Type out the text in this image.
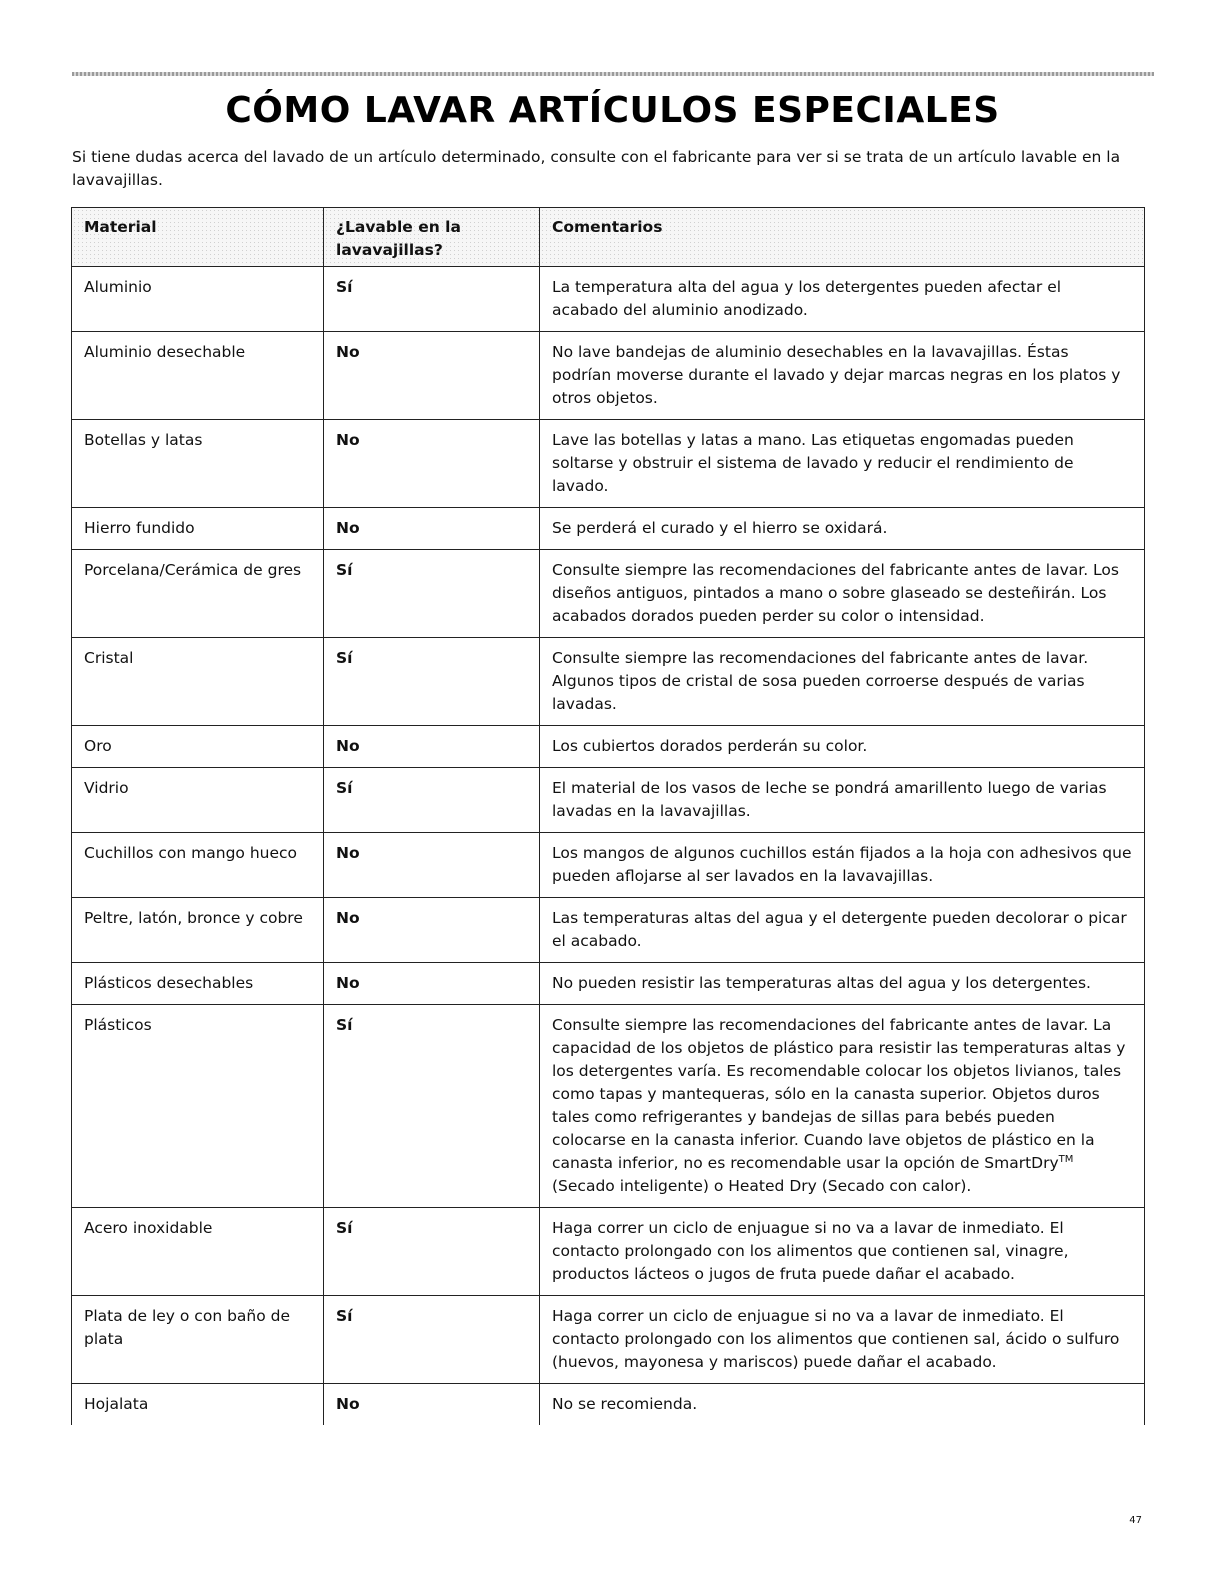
CÓMO LAVAR ARTÍCULOS ESPECIALES

Si tiene dudas acerca del lavado de un artículo determinado, consulte con el fabricante para ver si se trata de un artículo lavable en la lavavajillas.

Material	¿Lavable en la lavavajillas?	Comentarios
Aluminio	Sí	La temperatura alta del agua y los detergentes pueden afectar el acabado del aluminio anodizado.
Aluminio desechable	No	No lave bandejas de aluminio desechables en la lavavajillas. Éstas podrían moverse durante el lavado y dejar marcas negras en los platos y otros objetos.
Botellas y latas	No	Lave las botellas y latas a mano. Las etiquetas engomadas pueden soltarse y obstruir el sistema de lavado y reducir el rendimiento de lavado.
Hierro fundido	No	Se perderá el curado y el hierro se oxidará.
Porcelana/Cerámica de gres	Sí	Consulte siempre las recomendaciones del fabricante antes de lavar. Los diseños antiguos, pintados a mano o sobre glaseado se desteñirán. Los acabados dorados pueden perder su color o intensidad.
Cristal	Sí	Consulte siempre las recomendaciones del fabricante antes de lavar. Algunos tipos de cristal de sosa pueden corroerse después de varias lavadas.
Oro	No	Los cubiertos dorados perderán su color.
Vidrio	Sí	El material de los vasos de leche se pondrá amarillento luego de varias lavadas en la lavavajillas.
Cuchillos con mango hueco	No	Los mangos de algunos cuchillos están fijados a la hoja con adhesivos que pueden aflojarse al ser lavados en la lavavajillas.
Peltre, latón, bronce y cobre	No	Las temperaturas altas del agua y el detergente pueden decolorar o picar el acabado.
Plásticos desechables	No	No pueden resistir las temperaturas altas del agua y los detergentes.
Plásticos	Sí	Consulte siempre las recomendaciones del fabricante antes de lavar. La capacidad de los objetos de plástico para resistir las temperaturas altas y los detergentes varía. Es recomendable colocar los objetos livianos, tales como tapas y mantequeras, sólo en la canasta superior. Objetos duros tales como refrigerantes y bandejas de sillas para bebés pueden colocarse en la canasta inferior. Cuando lave objetos de plástico en la canasta inferior, no es recomendable usar la opción de SmartDry™ (Secado inteligente) o Heated Dry (Secado con calor).
Acero inoxidable	Sí	Haga correr un ciclo de enjuague si no va a lavar de inmediato. El contacto prolongado con los alimentos que contienen sal, vinagre, productos lácteos o jugos de fruta puede dañar el acabado.
Plata de ley o con baño de plata	Sí	Haga correr un ciclo de enjuague si no va a lavar de inmediato. El contacto prolongado con los alimentos que contienen sal, ácido o sulfuro (huevos, mayonesa y mariscos) puede dañar el acabado.
Hojalata	No	No se recomienda.

47
